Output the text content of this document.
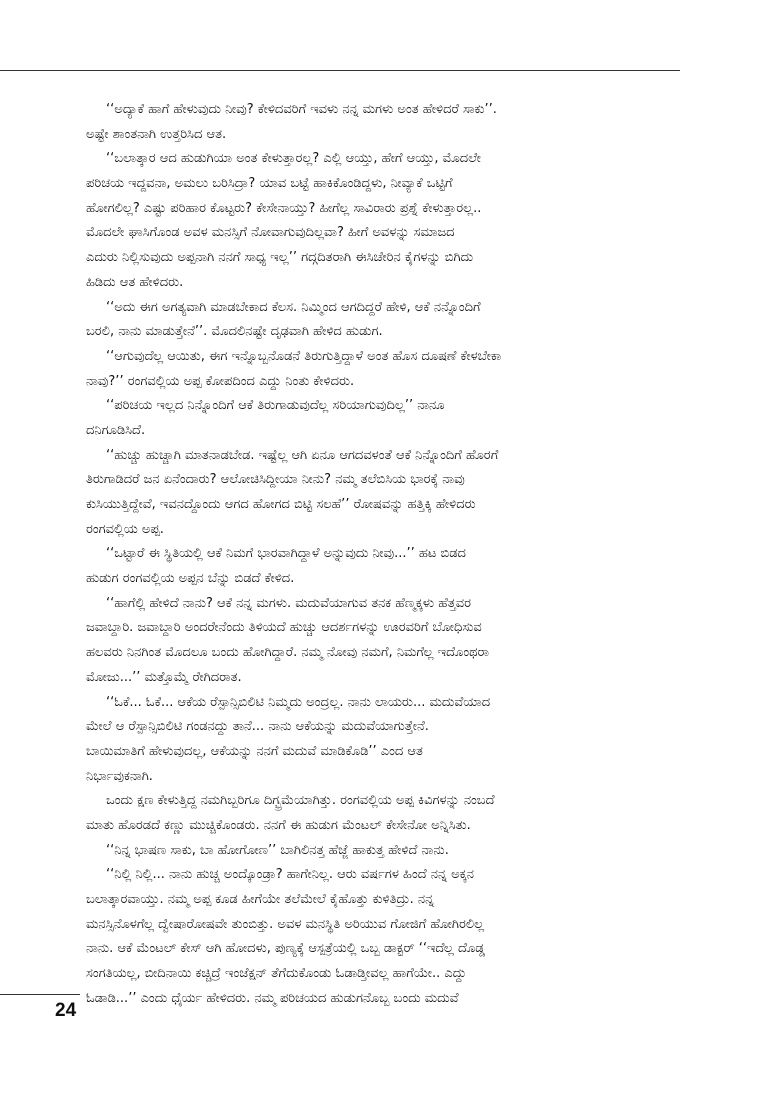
‘‘ಅದ್ಯಾಕೆ ಹಾಗೆ ಹೇಳುವುದು ನೀವು? ಕೇಳಿದವರಿಗೆ ಇವಳು ನನ್ನ ಮಗಳು ಅಂತ ಹೇಳಿದರೆ ಸಾಕು’’.
ಅಷ್ಟೇ ಶಾಂತನಾಗಿ ಉತ್ತರಿಸಿದ ಆತ.
‘‘ಬಲಾತ್ಕಾರ ಆದ ಹುಡುಗಿಯಾ ಅಂತ ಕೇಳುತ್ತಾರಲ್ಲ? ಎಲ್ಲಿ ಆಯ್ತು, ಹೇಗೆ ಆಯ್ತು, ಮೊದಲೇ
ಪರಿಚಯ ಇದ್ದವನಾ, ಅಮಲು ಬರಿಸಿದ್ರಾ? ಯಾವ ಬಟ್ಟೆ ಹಾಕಿಕೊಂಡಿದ್ದಳು, ನೀವ್ಯಾಕೆ ಒಟ್ಟಿಗೆ
ಹೋಗಲಿಲ್ಲ? ಎಷ್ಟು ಪರಿಹಾರ ಕೊಟ್ಟರು? ಕೇಸೇನಾಯ್ತು? ಹೀಗೆಲ್ಲ ಸಾವಿರಾರು ಪ್ರಶ್ನೆ ಕೇಳುತ್ತಾರಲ್ಲ..
ಮೊದಲೇ ಘಾಸಿಗೊಂಡ ಅವಳ ಮನಸ್ಸಿಗೆ ನೋವಾಗುವುದಿಲ್ಲವಾ? ಹೀಗೆ ಅವಳನ್ನು ಸಮಾಜದ
ಎದುರು ನಿಲ್ಲಿಸುವುದು ಅಪ್ಪನಾಗಿ ನನಗೆ ಸಾಧ್ಯ ಇಲ್ಲ’’ ಗದ್ಗದಿತರಾಗಿ ಈಸಿಚೇರಿನ ಕೈಗಳನ್ನು ಬಿಗಿದು
ಹಿಡಿದು ಆತ ಹೇಳಿದರು.
‘‘ಅದು ಈಗ ಅಗತ್ಯವಾಗಿ ಮಾಡಬೇಕಾದ ಕೆಲಸ. ನಿಮ್ಮಿಂದ ಆಗದಿದ್ದರೆ ಹೇಳಿ, ಆಕೆ ನನ್ನೊಂದಿಗೆ
ಬರಲಿ, ನಾನು ಮಾಡುತ್ತೇನೆ’’. ಮೊದಲಿನಷ್ಟೇ ದೃಢವಾಗಿ ಹೇಳಿದ ಹುಡುಗ.
‘‘ಆಗುವುದೆಲ್ಲ ಆಯಿತು, ಈಗ ಇನ್ನೊಬ್ಬನೊಡನೆ ತಿರುಗುತ್ತಿದ್ದಾಳೆ ಅಂತ ಹೊಸ ದೂಷಣೆ ಕೇಳಬೇಕಾ
ನಾವು?’’ ರಂಗವಲ್ಲಿಯ ಅಪ್ಪ ಕೋಪದಿಂದ ಎದ್ದು ನಿಂತು ಕೇಳಿದರು.
‘‘ಪರಿಚಯ ಇಲ್ಲದ ನಿನ್ನೊಂದಿಗೆ ಆಕೆ ತಿರುಗಾಡುವುದೆಲ್ಲ ಸರಿಯಾಗುವುದಿಲ್ಲ’’ ನಾನೂ
ದನಿಗೂಡಿಸಿದೆ.
‘‘ಹುಚ್ಚು ಹುಚ್ಚಾಗಿ ಮಾತನಾಡಬೇಡ. ಇಷ್ಟೆಲ್ಲ ಆಗಿ ಏನೂ ಆಗದವಳಂತೆ ಆಕೆ ನಿನ್ನೊಂದಿಗೆ ಹೊರಗೆ
ತಿರುಗಾಡಿದರೆ ಜನ ಏನೆಂದಾರು? ಆಲೋಚಿಸಿದ್ದೀಯಾ ನೀನು? ನಮ್ಮ ತಲೆಬಿಸಿಯ ಭಾರಕ್ಕೆ ನಾವು
ಕುಸಿಯುತ್ತಿದ್ದೇವೆ, ಇವನದ್ದೊಂದು ಆಗದ ಹೋಗದ ಬಿಟ್ಟಿ ಸಲಹೆ’’ ರೋಷವನ್ನು ಹತ್ತಿಕ್ಕಿ ಹೇಳಿದರು
ರಂಗವಲ್ಲಿಯ ಅಪ್ಪ.
‘‘ಒಟ್ಟಾರೆ ಈ ಸ್ಥಿತಿಯಲ್ಲಿ ಆಕೆ ನಿಮಗೆ ಭಾರವಾಗಿದ್ದಾಳೆ ಅನ್ನುವುದು ನೀವು...’’ ಹಟ ಬಿಡದ
ಹುಡುಗ ರಂಗವಲ್ಲಿಯ ಅಪ್ಪನ ಬೆನ್ನು ಬಿಡದೆ ಕೇಳಿದ.
‘‘ಹಾಗೆಲ್ಲಿ ಹೇಳಿದೆ ನಾನು? ಆಕೆ ನನ್ನ ಮಗಳು. ಮದುವೆಯಾಗುವ ತನಕ ಹೆಣ್ಮಕ್ಕಳು ಹೆತ್ತವರ
ಜವಾಬ್ದಾರಿ. ಜವಾಬ್ದಾರಿ ಅಂದರೇನೆಂದು ತಿಳಿಯದೆ ಹುಚ್ಚು ಆದರ್ಶಗಳನ್ನು ಊರವರಿಗೆ ಬೋಧಿಸುವ
ಹಲವರು ನಿನಗಿಂತ ಮೊದಲೂ ಬಂದು ಹೋಗಿದ್ದಾರೆ. ನಮ್ಮ ನೋವು ನಮಗೆ, ನಿಮಗೆಲ್ಲ ಇದೊಂಥರಾ
ಮೋಜು...’’ ಮತ್ತೊಮ್ಮೆ ರೇಗಿದರಾತ.
‘‘ಓಕೆ... ಓಕೆ... ಆಕೆಯ ರೆಸ್ಪಾನ್ಸಿಬಿಲಿಟಿ ನಿಮ್ಮದು ಅಂದ್ರಲ್ಲ. ನಾನು ಲಾಯರು... ಮದುವೆಯಾದ
ಮೇಲೆ ಆ ರೆಸ್ಪಾನ್ಸಿಬಿಲಿಟಿ ಗಂಡನದ್ದು ತಾನೆ... ನಾನು ಆಕೆಯನ್ನು ಮದುವೆಯಾಗುತ್ತೇನೆ.
ಬಾಯಿಮಾತಿಗೆ ಹೇಳುವುದಲ್ಲ, ಆಕೆಯನ್ನು ನನಗೆ ಮದುವೆ ಮಾಡಿಕೊಡಿ’’ ಎಂದ ಆತ
ನಿರ್ಭಾವುಕನಾಗಿ.
ಒಂದು ಕ್ಷಣ ಕೇಳುತ್ತಿದ್ದ ನಮಗಿಬ್ಬರಿಗೂ ದಿಗ್ಭ್ರಮೆಯಾಗಿತ್ತು. ರಂಗವಲ್ಲಿಯ ಅಪ್ಪ ಕಿವಿಗಳನ್ನು ನಂಬದೆ
ಮಾತು ಹೊರಡದೆ ಕಣ್ಣು ಮುಚ್ಚಿಕೊಂಡರು. ನನಗೆ ಈ ಹುಡುಗ ಮೆಂಟಲ್ ಕೇಸೇನೋ ಅನ್ನಿಸಿತು.
‘‘ನಿನ್ನ ಭಾಷಣ ಸಾಕು, ಬಾ ಹೋಗೋಣ’’ ಬಾಗಿಲಿನತ್ತ ಹೆಜ್ಜೆ ಹಾಕುತ್ತ ಹೇಳಿದೆ ನಾನು.
‘‘ನಿಲ್ಲಿ ನಿಲ್ಲಿ... ನಾನು ಹುಚ್ಚ ಅಂದ್ಕೊಂಡ್ರಾ? ಹಾಗೇನಿಲ್ಲ. ಆರು ವರ್ಷಗಳ ಹಿಂದೆ ನನ್ನ ಅಕ್ಕನ
ಬಲಾತ್ಕಾರವಾಯ್ತು. ನಮ್ಮ ಅಪ್ಪ ಕೂಡ ಹೀಗೆಯೇ ತಲೆಮೇಲೆ ಕೈಹೊತ್ತು ಕುಳಿತಿದ್ರು. ನನ್ನ
ಮನಸ್ಸಿನೊಳಗೆಲ್ಲ ದ್ವೇಷಾರೋಷವೇ ತುಂಬಿತ್ತು. ಅವಳ ಮನಸ್ಥಿತಿ ಅರಿಯುವ ಗೋಜಿಗೆ ಹೋಗಿರಲಿಲ್ಲ
ನಾನು. ಆಕೆ ಮೆಂಟಲ್ ಕೇಸ್ ಆಗಿ ಹೋದಳು, ಪುಣ್ಯಕ್ಕೆ ಆಸ್ಪತ್ರೆಯಲ್ಲಿ ಒಬ್ಬ ಡಾಕ್ಟರ್ ‘‘ಇದೆಲ್ಲ ದೊಡ್ಡ
ಸಂಗತಿಯಲ್ಲ, ಬೀದಿನಾಯಿ ಕಚ್ಚಿದ್ರೆ ಇಂಜೆಕ್ಷನ್ ತೆಗೆದುಕೊಂಡು ಓಡಾಡ್ತೀವಲ್ಲ ಹಾಗೆಯೇ.. ಎದ್ದು
ಓಡಾಡಿ...’’ ಎಂದು ಧೈರ್ಯ ಹೇಳಿದರು. ನಮ್ಮ ಪರಿಚಯದ ಹುಡುಗನೊಬ್ಬ ಬಂದು ಮದುವೆ
24
